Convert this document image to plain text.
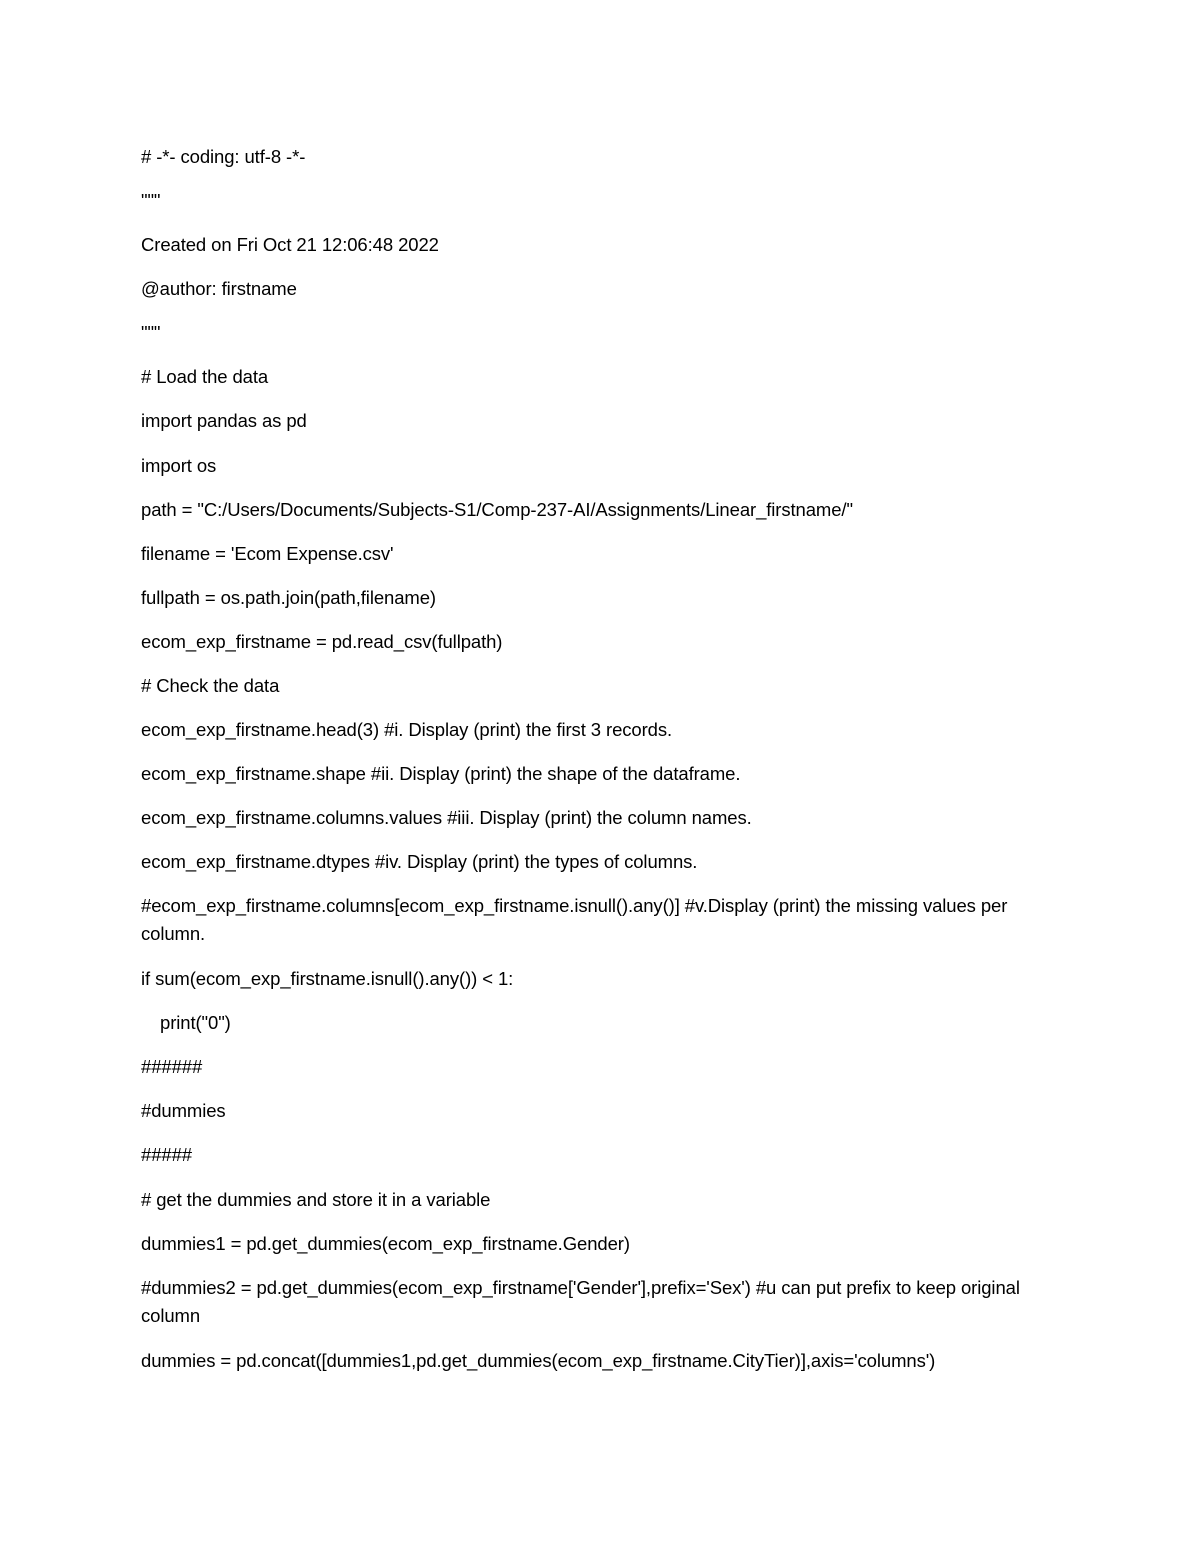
# -*- coding: utf-8 -*-
"""
Created on Fri Oct 21 12:06:48 2022
@author: firstname
"""
# Load the data
import pandas as pd
import os
path = "C:/Users/Documents/Subjects-S1/Comp-237-AI/Assignments/Linear_firstname/"
filename = 'Ecom Expense.csv'
fullpath = os.path.join(path,filename)
ecom_exp_firstname = pd.read_csv(fullpath)
# Check the data
ecom_exp_firstname.head(3) #i. Display (print) the first 3 records.
ecom_exp_firstname.shape #ii. Display (print) the shape of the dataframe.
ecom_exp_firstname.columns.values #iii. Display (print) the column names.
ecom_exp_firstname.dtypes #iv. Display (print) the types of columns.
#ecom_exp_firstname.columns[ecom_exp_firstname.isnull().any()] #v.Display (print) the missing values per column.
if sum(ecom_exp_firstname.isnull().any()) < 1:
print("0")
######
#dummies
#####
# get the dummies and store it in a variable
dummies1 = pd.get_dummies(ecom_exp_firstname.Gender)
#dummies2 = pd.get_dummies(ecom_exp_firstname['Gender'],prefix='Sex') #u can put prefix to keep original column
dummies = pd.concat([dummies1,pd.get_dummies(ecom_exp_firstname.CityTier)],axis='columns')
